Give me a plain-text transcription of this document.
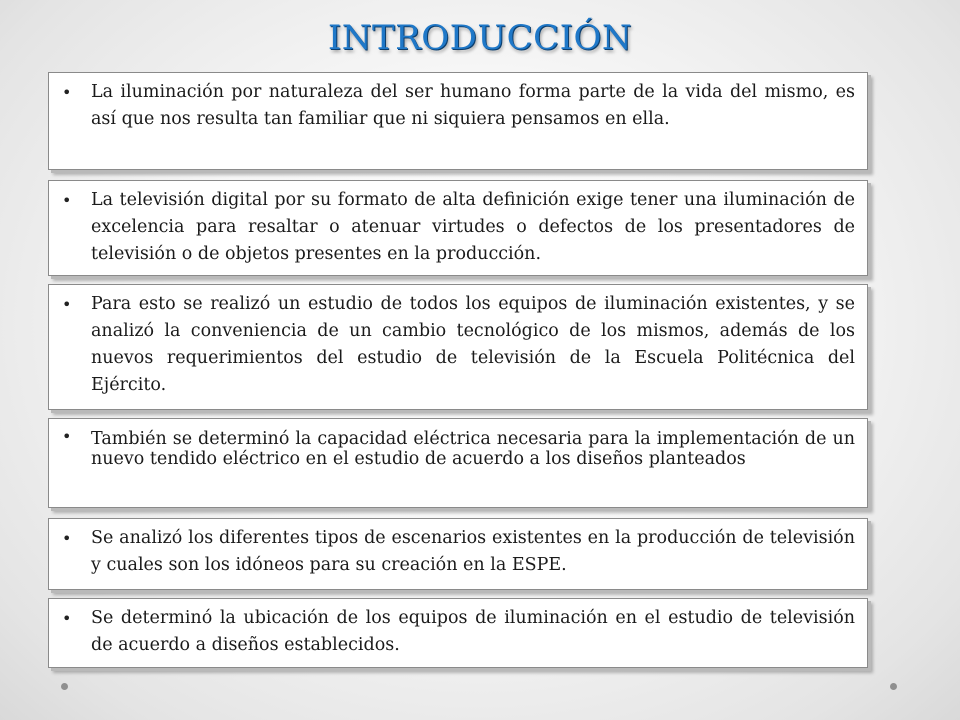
INTRODUCCIÓN
• La iluminación por naturaleza del ser humano forma parte de la vida del mismo, es así que nos resulta tan familiar que ni siquiera pensamos en ella.
• La televisión digital por su formato de alta definición exige tener una iluminación de excelencia para resaltar o atenuar virtudes o defectos de los presentadores de televisión o de objetos presentes en la producción.
• Para esto se realizó un estudio de todos los equipos de iluminación existentes, y se analizó la conveniencia de un cambio tecnológico de los mismos, además de los nuevos requerimientos del estudio de televisión de la Escuela Politécnica del Ejército.
• También se determinó la capacidad eléctrica necesaria para la implementación de un nuevo tendido eléctrico en el estudio de acuerdo a los diseños planteados
• Se analizó los diferentes tipos de escenarios existentes en la producción de televisión y cuales son los idóneos para su creación en la ESPE.
• Se determinó la ubicación de los equipos de iluminación en el estudio de televisión de acuerdo a diseños establecidos.
